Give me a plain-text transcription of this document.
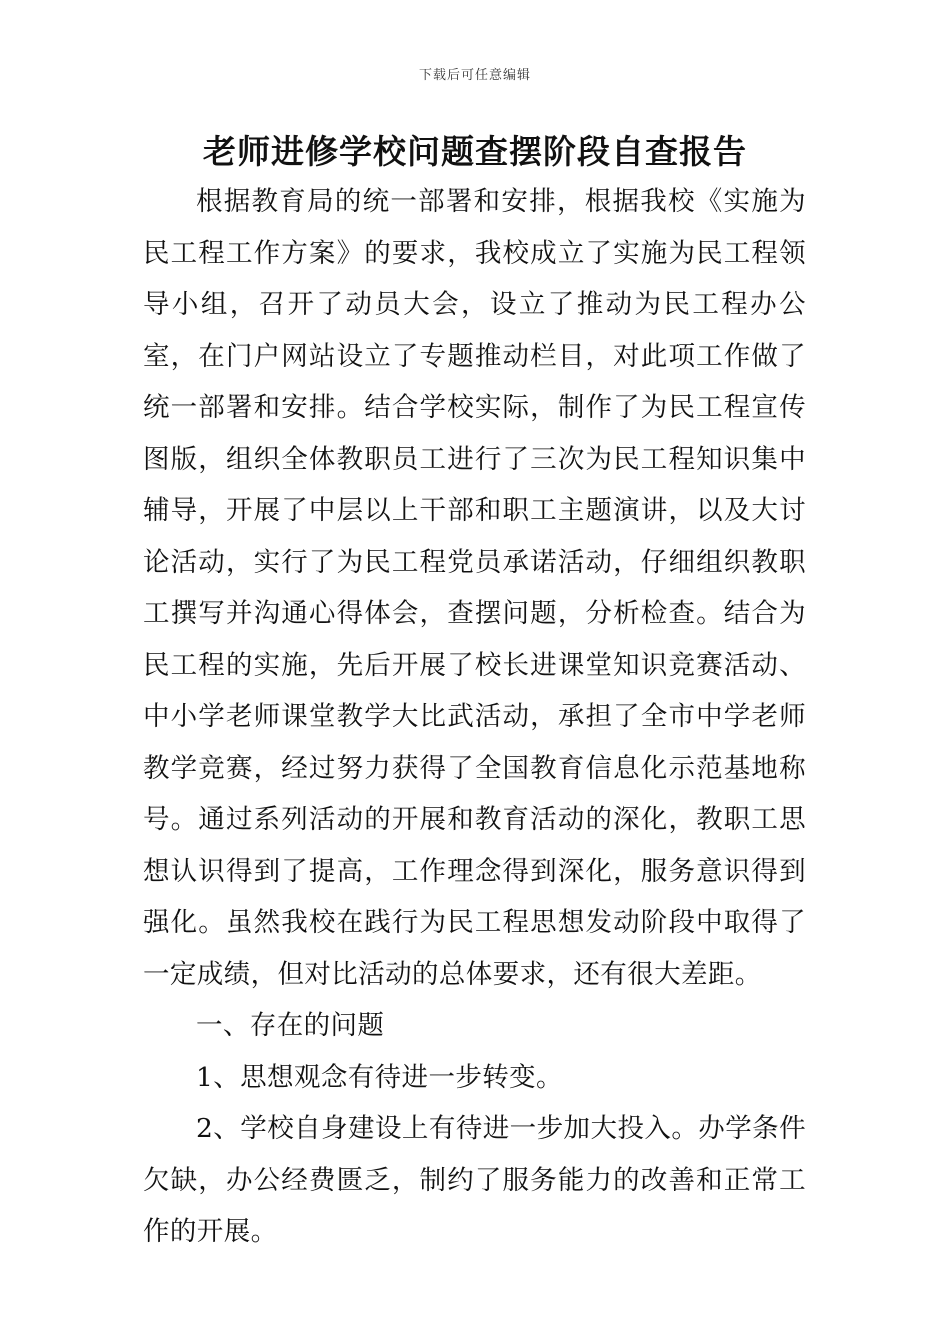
下载后可任意编辑
老师进修学校问题查摆阶段自查报告

根据教育局的统一部署和安排，根据我校《实施为民工程工作方案》的要求，我校成立了实施为民工程领导小组，召开了动员大会，设立了推动为民工程办公室，在门户网站设立了专题推动栏目，对此项工作做了统一部署和安排。结合学校实际，制作了为民工程宣传图版，组织全体教职员工进行了三次为民工程知识集中辅导，开展了中层以上干部和职工主题演讲，以及大讨论活动，实行了为民工程党员承诺活动，仔细组织教职工撰写并沟通心得体会，查摆问题，分析检查。结合为民工程的实施，先后开展了校长进课堂知识竞赛活动、中小学老师课堂教学大比武活动，承担了全市中学老师教学竞赛，经过努力获得了全国教育信息化示范基地称号。通过系列活动的开展和教育活动的深化，教职工思想认识得到了提高，工作理念得到深化，服务意识得到强化。虽然我校在践行为民工程思想发动阶段中取得了一定成绩，但对比活动的总体要求，还有很大差距。

一、存在的问题

1、思想观念有待进一步转变。

2、学校自身建设上有待进一步加大投入。办学条件欠缺，办公经费匮乏，制约了服务能力的改善和正常工作的开展。
